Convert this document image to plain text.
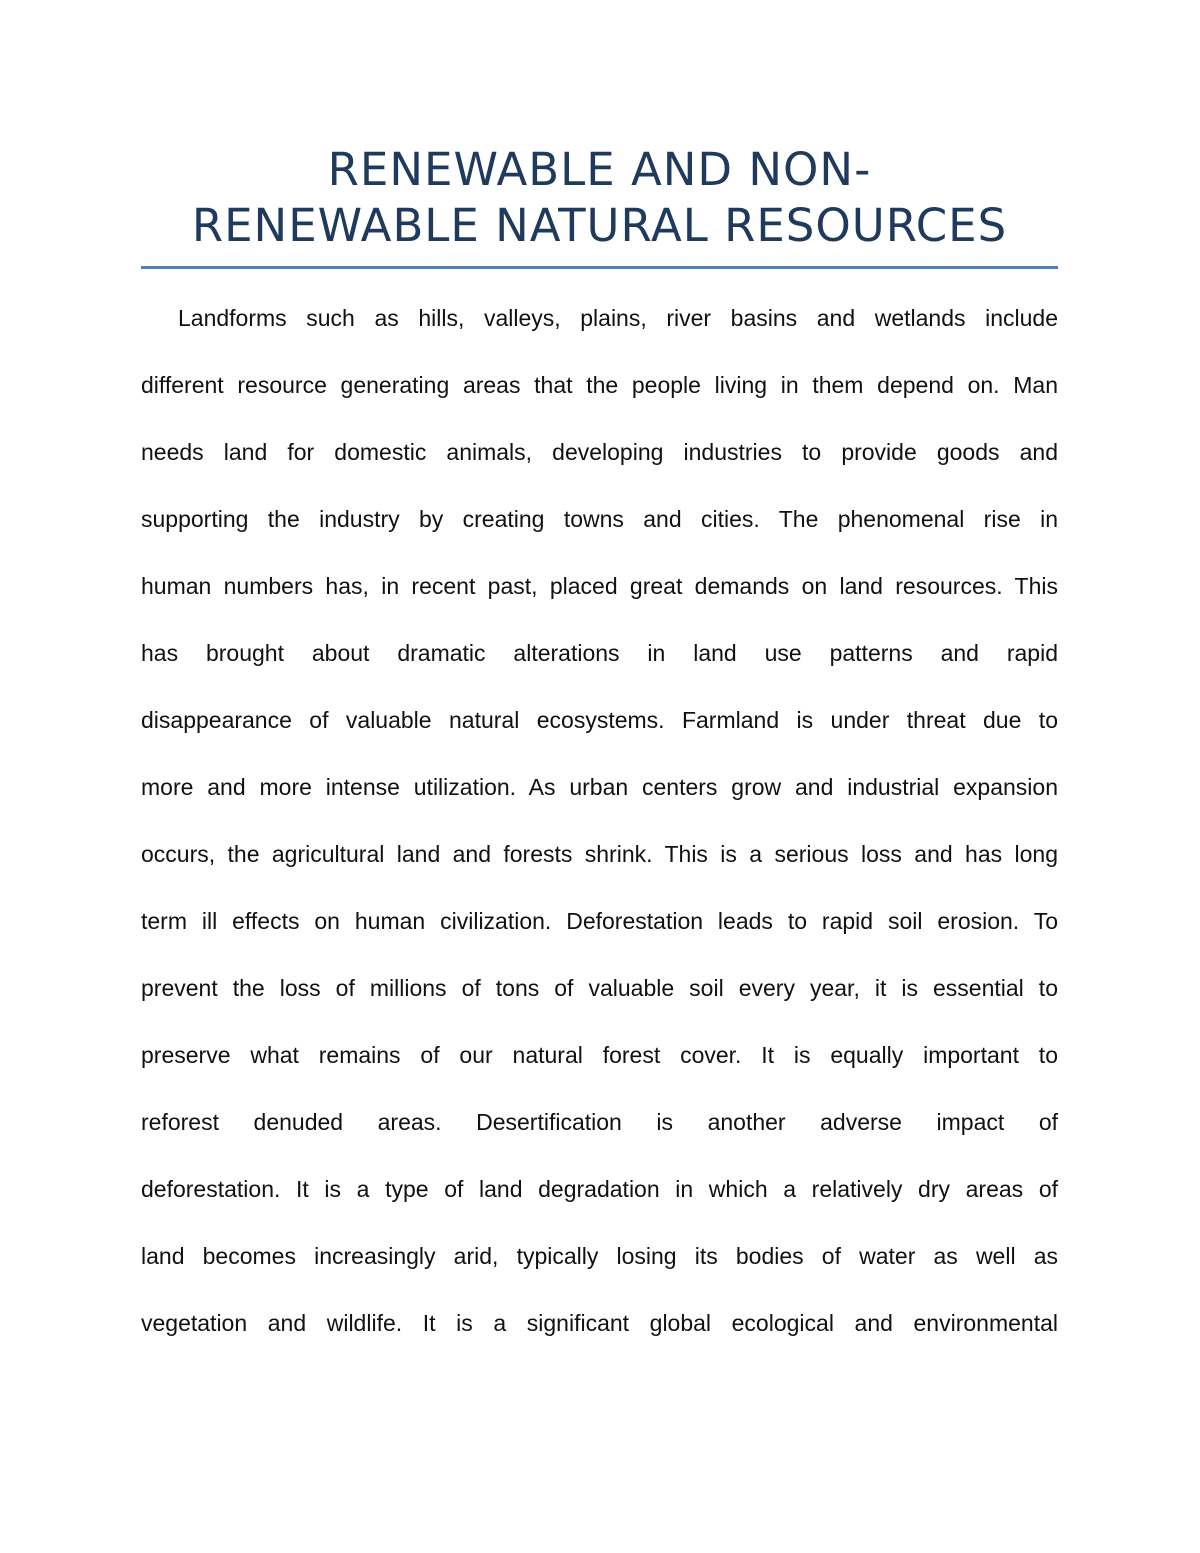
RENEWABLE AND NON-
RENEWABLE NATURAL RESOURCES
Landforms such as hills, valleys, plains, river basins and wetlands include
different resource generating areas that the people living in them depend on. Man
needs land for domestic animals, developing industries to provide goods and
supporting the industry by creating towns and cities. The phenomenal rise in
human numbers has, in recent past, placed great demands on land resources. This
has brought about dramatic alterations in land use patterns and rapid
disappearance of valuable natural ecosystems. Farmland is under threat due to
more and more intense utilization. As urban centers grow and industrial expansion
occurs, the agricultural land and forests shrink. This is a serious loss and has long
term ill effects on human civilization. Deforestation leads to rapid soil erosion. To
prevent the loss of millions of tons of valuable soil every year, it is essential to
preserve what remains of our natural forest cover. It is equally important to
reforest denuded areas. Desertification is another adverse impact of
deforestation. It is a type of land degradation in which a relatively dry areas of
land becomes increasingly arid, typically losing its bodies of water as well as
vegetation and wildlife. It is a significant global ecological and environmental
